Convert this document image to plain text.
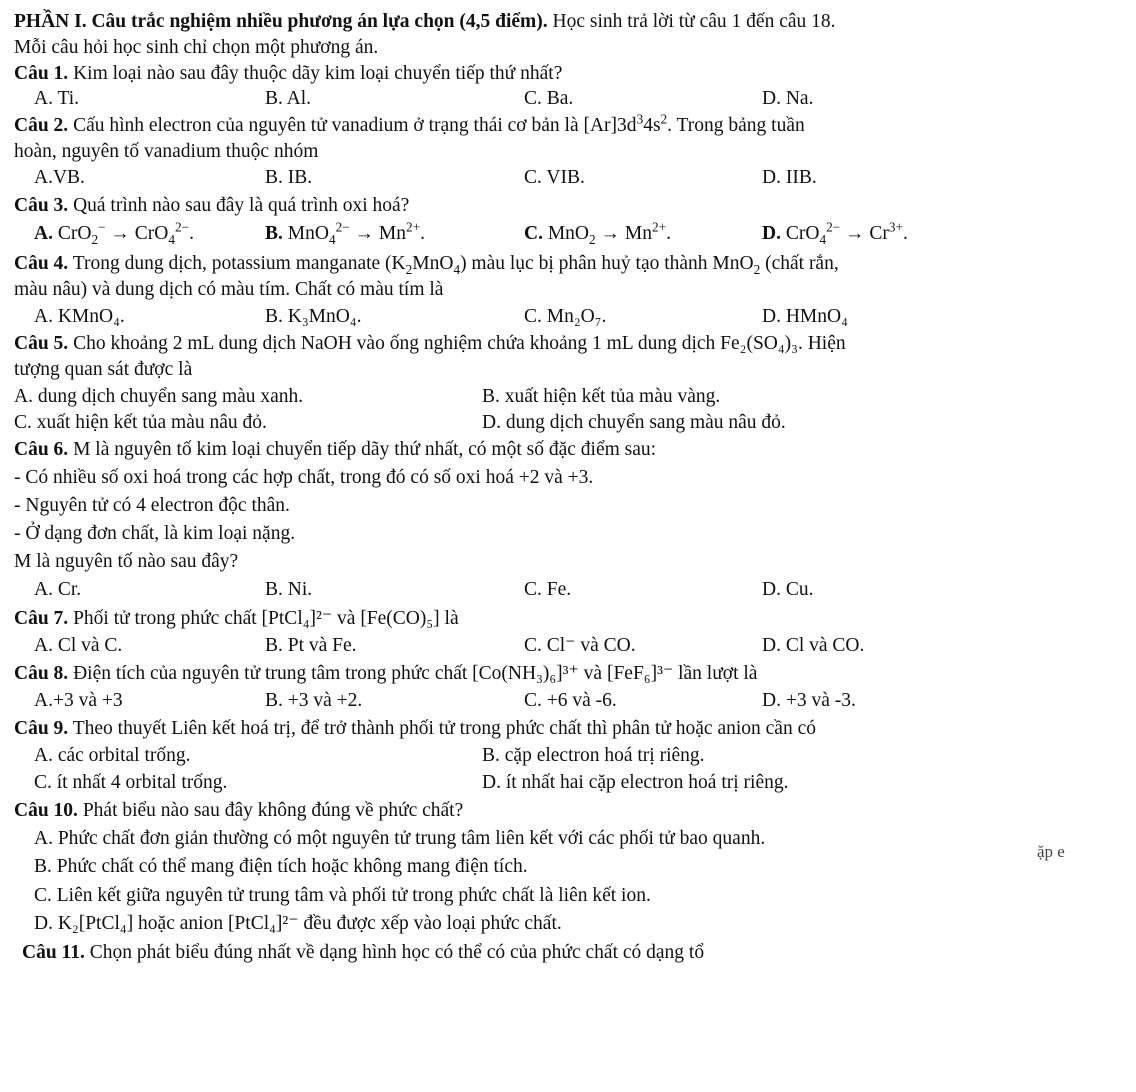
PHẦN I. Câu trắc nghiệm nhiều phương án lựa chọn (4,5 điểm). Học sinh trả lời từ câu 1 đến câu 18.
Mỗi câu hỏi học sinh chỉ chọn một phương án.
Câu 1. Kim loại nào sau đây thuộc dãy kim loại chuyển tiếp thứ nhất?
A. Ti.	B. Al.	C. Ba.	D. Na.
Câu 2. Cấu hình electron của nguyên tử vanadium ở trạng thái cơ bản là $[Ar]3d^34s^2$. Trong bảng tuần
hoàn, nguyên tố vanadium thuộc nhóm
A.VB.	B. IB.	C. VIB.	D. IIB.
Câu 3. Quá trình nào sau đây là quá trình oxi hoá?
A. CrO$_2$− → CrO$_4^{2-}$.	B. $MnO_4^{2-} \to Mn^{2+}$.	C. $MnO_2 \to Mn^{2+}$.	D. $CrO_4^{2-} \to Cr^{3+}$.
Câu 4. Trong dung dịch, potassium manganate $(K_2MnO_4)$ màu lục bị phân huỷ tạo thành MnO$_2$ (chất rắn,
màu nâu) và dung dịch có màu tím. Chất có màu tím là
A. KMnO₄.	B. K₃MnO₄.	C. Mn₂O₇.	D. HMnO₄
Câu 5. Cho khoảng 2 mL dung dịch NaOH vào ống nghiệm chứa khoảng 1 mL dung dịch Fe₂(SO₄)₃. Hiện
tượng quan sát được là
A. dung dịch chuyển sang màu xanh.	B. xuất hiện kết tủa màu vàng.
C. xuất hiện kết tủa màu nâu đỏ.	D. dung dịch chuyển sang màu nâu đỏ.
Câu 6. M là nguyên tố kim loại chuyển tiếp dãy thứ nhất, có một số đặc điểm sau:
- Có nhiều số oxi hoá trong các hợp chất, trong đó có số oxi hoá +2 và +3.
- Nguyên tử có 4 electron độc thân.
- Ở dạng đơn chất, là kim loại nặng.
M là nguyên tố nào sau đây?
A. Cr.	B. Ni.	C. Fe.	D. Cu.
Câu 7. Phối tử trong phức chất [PtCl₄]²⁻ và [Fe(CO)₅] là
A. Cl và C.	B. Pt và Fe.	C. Cl⁻ và CO.	D. Cl và CO.
Câu 8. Điện tích của nguyên tử trung tâm trong phức chất [Co(NH₃)₆]³⁺ và [FeF₆]³⁻ lần lượt là
A.+3 và +3	B. +3 và +2.	C. +6 và -6.	D. +3 và -3.
Câu 9. Theo thuyết Liên kết hoá trị, để trở thành phối tử trong phức chất thì phân tử hoặc anion cần có
A. các orbital trống.	B. cặp electron hoá trị riêng.
C. ít nhất 4 orbital trống.	D. ít nhất hai cặp electron hoá trị riêng.
Câu 10. Phát biểu nào sau đây không đúng về phức chất?
A. Phức chất đơn giản thường có một nguyên tử trung tâm liên kết với các phối tử bao quanh.
ặp e
B. Phức chất có thể mang điện tích hoặc không mang điện tích.
C. Liên kết giữa nguyên tử trung tâm và phối tử trong phức chất là liên kết ion.
D. K₂[PtCl₄] hoặc anion [PtCl₄]²⁻ đều được xếp vào loại phức chất.
Câu 11. Chọn phát biểu đúng nhất về dạng hình học có thể có của phức chất có dạng tổ
